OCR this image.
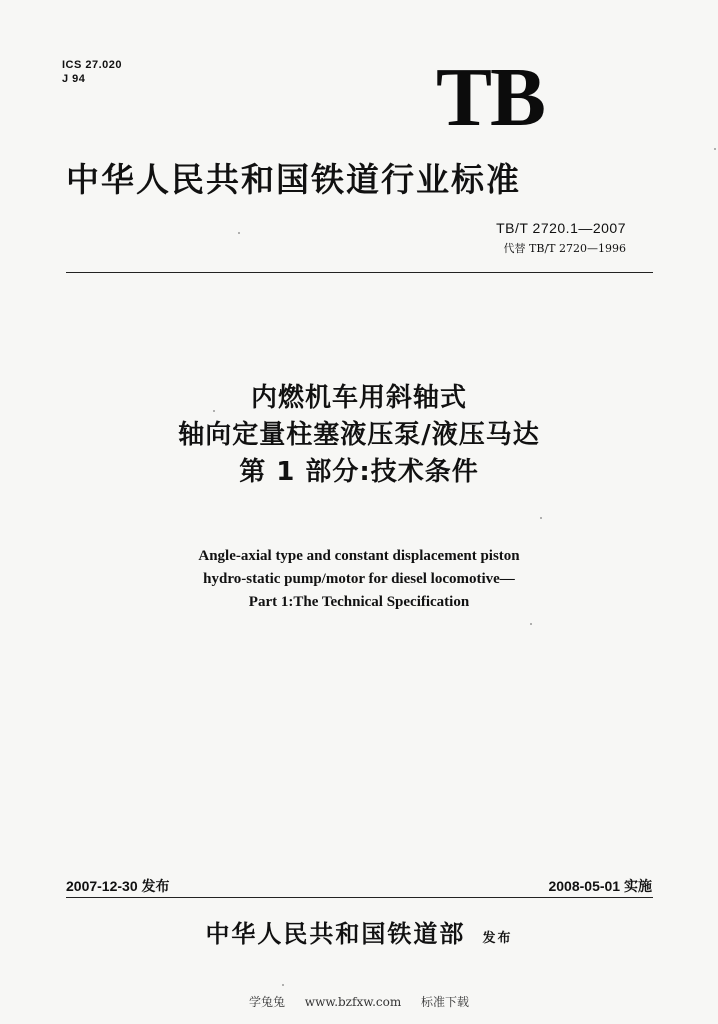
ICS 27.020
J 94	TB
中华人民共和国铁道行业标准
TB/T 2720.1—2007
代替 TB/T 2720—1996
内燃机车用斜轴式
轴向定量柱塞液压泵/液压马达
第 1 部分:技术条件
Angle-axial type and constant displacement piston
hydro-static pump/motor for diesel locomotive—
Part 1:The Technical Specification
2007-12-30 发布	2008-05-01 实施
中华人民共和国铁道部 发布
学兔兔 www.bzfxw.com 标准下载
